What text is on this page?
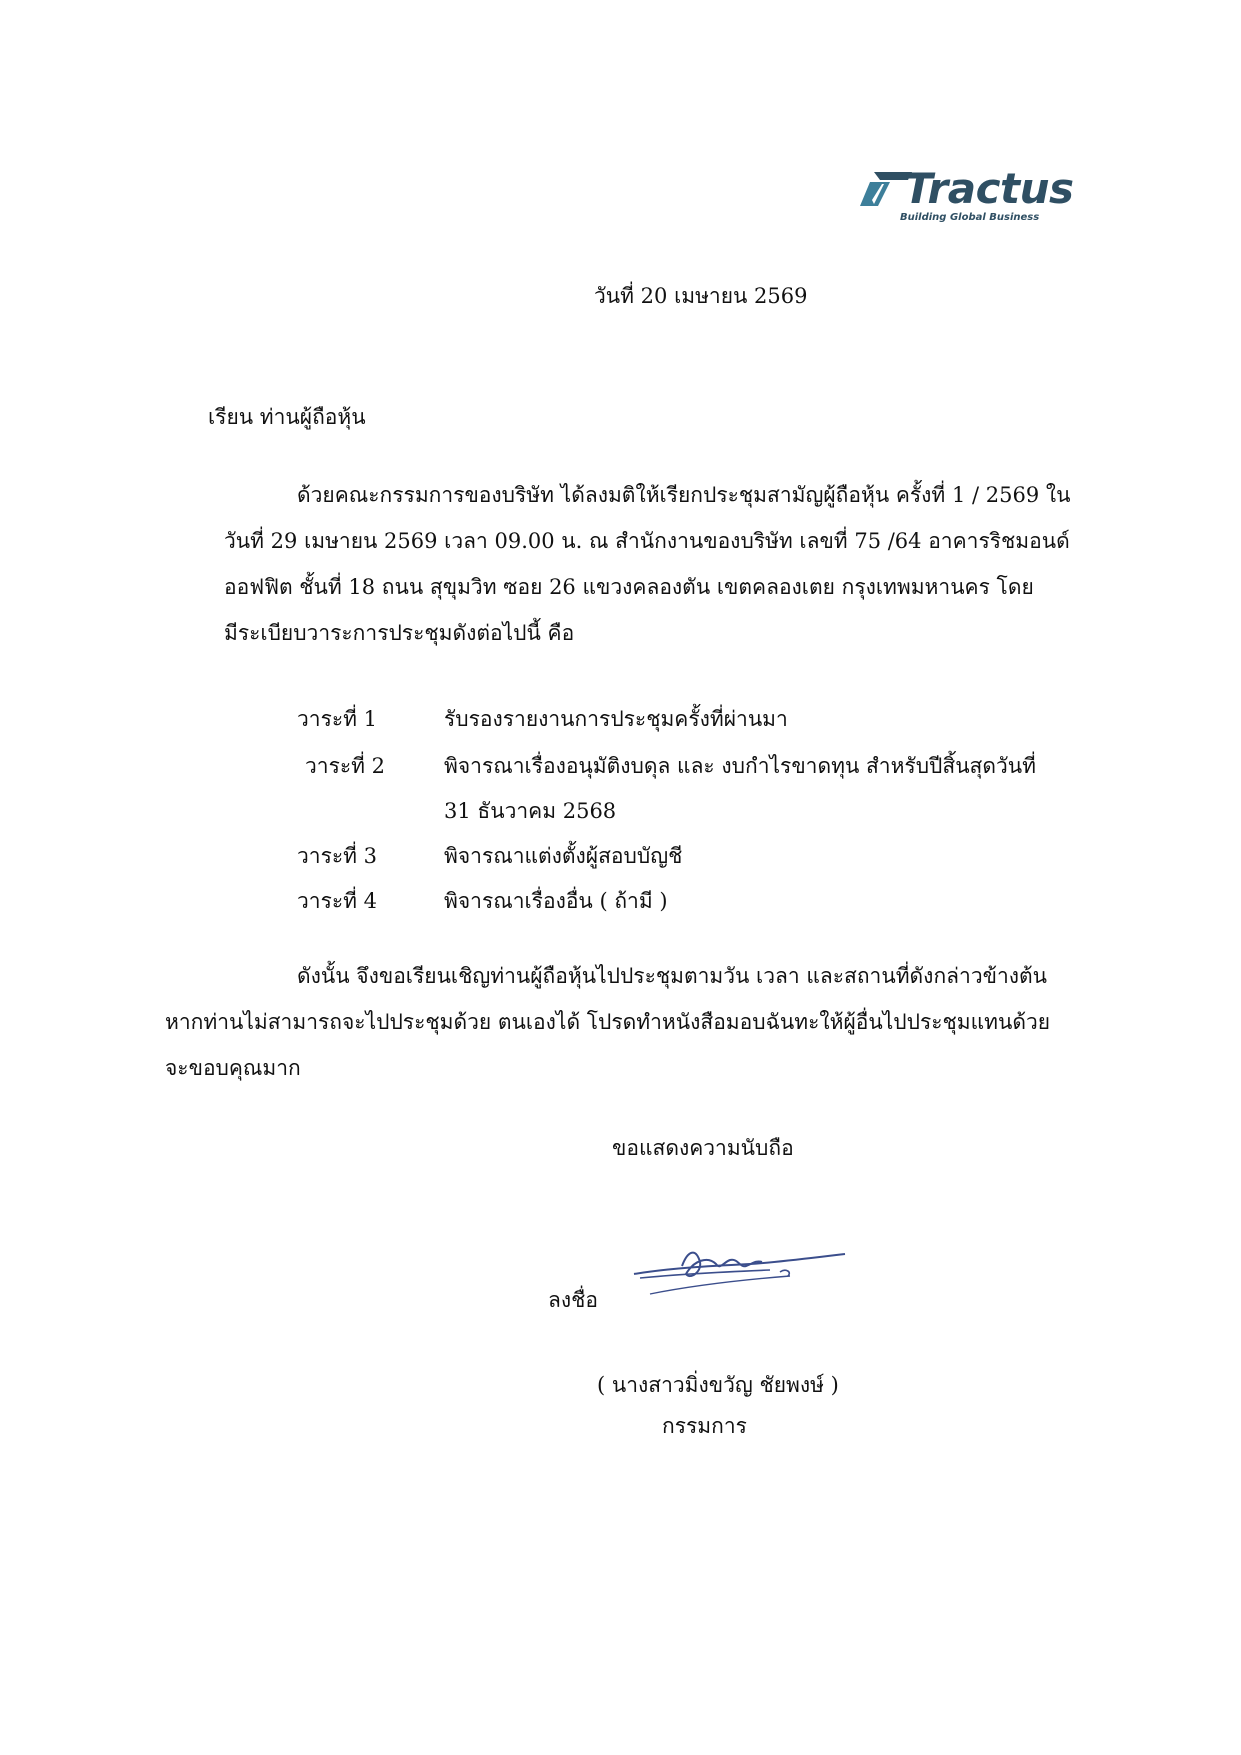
Tractus
Building Global Business
วันที่ 20 เมษายน 2569
เรียน ท่านผู้ถือหุ้น
ด้วยคณะกรรมการของบริษัท ได้ลงมติให้เรียกประชุมสามัญผู้ถือหุ้น ครั้งที่ 1 / 2569 ใน
วันที่ 29 เมษายน 2569 เวลา 09.00 น. ณ สำนักงานของบริษัท เลขที่ 75 /64 อาคารริชมอนด์
ออฟฟิต ชั้นที่ 18 ถนน สุขุมวิท ซอย 26 แขวงคลองตัน เขตคลองเตย กรุงเทพมหานคร โดย
มีระเบียบวาระการประชุมดังต่อไปนี้ คือ
วาระที่ 1	รับรองรายงานการประชุมครั้งที่ผ่านมา
วาระที่ 2	พิจารณาเรื่องอนุมัติงบดุล และ งบกำไรขาดทุน สำหรับปีสิ้นสุดวันที่
31 ธันวาคม 2568
วาระที่ 3	พิจารณาแต่งตั้งผู้สอบบัญชี
วาระที่ 4	พิจารณาเรื่องอื่น ( ถ้ามี )
ดังนั้น จึงขอเรียนเชิญท่านผู้ถือหุ้นไปประชุมตามวัน เวลา และสถานที่ดังกล่าวข้างต้น
หากท่านไม่สามารถจะไปประชุมด้วย ตนเองได้ โปรดทำหนังสือมอบฉันทะให้ผู้อื่นไปประชุมแทนด้วย
จะขอบคุณมาก
ขอแสดงความนับถือ
ลงชื่อ
( นางสาวมิ่งขวัญ ชัยพงษ์ )
กรรมการ
